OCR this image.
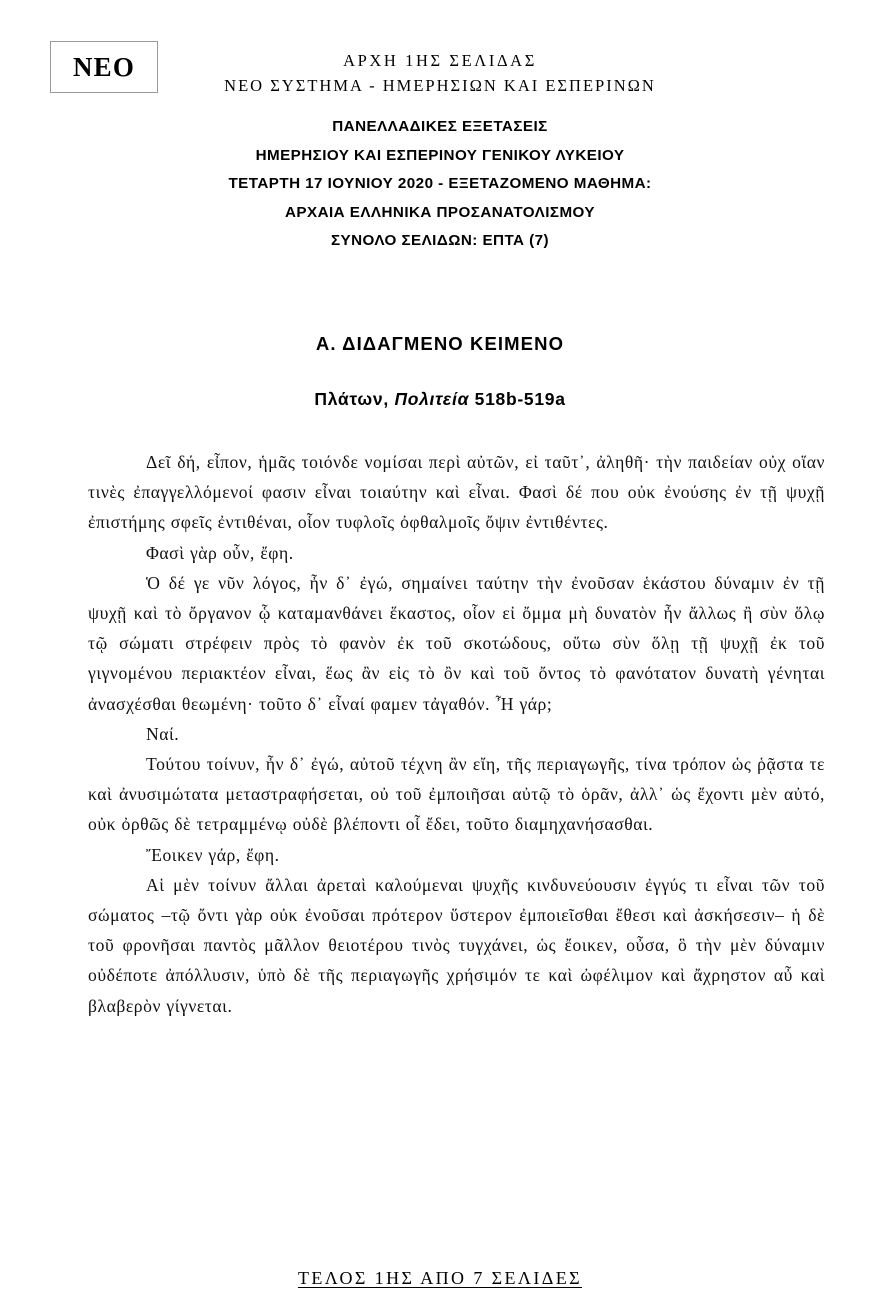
ΝΕΟ	ΑΡΧΗ 1ΗΣ ΣΕΛΙΔΑΣ
ΝΕΟ ΣΥΣΤΗΜΑ - ΗΜΕΡΗΣΙΩΝ ΚΑΙ ΕΣΠΕΡΙΝΩΝ
ΠΑΝΕΛΛΑΔΙΚΕΣ ΕΞΕΤΑΣΕΙΣ
ΗΜΕΡΗΣΙΟΥ ΚΑΙ ΕΣΠΕΡΙΝΟΥ ΓΕΝΙΚΟΥ ΛΥΚΕΙΟΥ
ΤΕΤΑΡΤΗ 17 ΙΟΥΝΙΟΥ 2020 - ΕΞΕΤΑΖΟΜΕΝΟ ΜΑΘΗΜΑ:
ΑΡΧΑΙΑ ΕΛΛΗΝΙΚΑ ΠΡΟΣΑΝΑΤΟΛΙΣΜΟΥ
ΣΥΝΟΛΟ ΣΕΛΙΔΩΝ: ΕΠΤΑ (7)
Α. ΔΙΔΑΓΜΕΝΟ ΚΕΙΜΕΝΟ
Πλάτων, Πολιτεία 518b-519a

Δεῖ δή, εἶπον, ἡμᾶς τοιόνδε νομίσαι περὶ αὐτῶν, εἰ ταῦτ᾽, ἀληθῆ· τὴν παιδείαν οὐχ οἵαν τινὲς ἐπαγγελλόμενοί φασιν εἶναι τοιαύτην καὶ εἶναι. Φασὶ δέ που οὐκ ἐνούσης ἐν τῇ ψυχῇ ἐπιστήμης σφεῖς ἐντιθέναι, οἷον τυφλοῖς ὀφθαλμοῖς ὄψιν ἐντιθέντες.

Φασὶ γὰρ οὖν, ἔφη.

Ὁ δέ γε νῦν λόγος, ἦν δ᾽ ἐγώ, σημαίνει ταύτην τὴν ἐνοῦσαν ἑκάστου δύναμιν ἐν τῇ ψυχῇ καὶ τὸ ὄργανον ᾧ καταμανθάνει ἕκαστος, οἷον εἰ ὄμμα μὴ δυνατὸν ἦν ἄλλως ἢ σὺν ὅλῳ τῷ σώματι στρέφειν πρὸς τὸ φανὸν ἐκ τοῦ σκοτώδους, οὕτω σὺν ὅλῃ τῇ ψυχῇ ἐκ τοῦ γιγνομένου περιακτέον εἶναι, ἕως ἂν εἰς τὸ ὂν καὶ τοῦ ὄντος τὸ φανότατον δυνατὴ γένηται ἀνασχέσθαι θεωμένη· τοῦτο δ᾽ εἶναί φαμεν τἀγαθόν. Ἦ γάρ;

Ναί.

Τούτου τοίνυν, ἦν δ᾽ ἐγώ, αὐτοῦ τέχνη ἂν εἴη, τῆς περιαγωγῆς, τίνα τρόπον ὡς ῥᾷστα τε καὶ ἀνυσιμώτατα μεταστραφήσεται, οὐ τοῦ ἐμποιῆσαι αὐτῷ τὸ ὁρᾶν, ἀλλ᾽ ὡς ἔχοντι μὲν αὐτό, οὐκ ὀρθῶς δὲ τετραμμένῳ οὐδὲ βλέποντι οἷ ἔδει, τοῦτο διαμηχανήσασθαι.

Ἔοικεν γάρ, ἔφη.

Αἱ μὲν τοίνυν ἄλλαι ἀρεταὶ καλούμεναι ψυχῆς κινδυνεύουσιν ἐγγύς τι εἶναι τῶν τοῦ σώματος –τῷ ὄντι γὰρ οὐκ ἐνοῦσαι πρότερον ὕστερον ἐμποιεῖσθαι ἔθεσι καὶ ἀσκήσεσιν– ἡ δὲ τοῦ φρονῆσαι παντὸς μᾶλλον θειοτέρου τινὸς τυγχάνει, ὡς ἔοικεν, οὖσα, ὃ τὴν μὲν δύναμιν οὐδέποτε ἀπόλλυσιν, ὑπὸ δὲ τῆς περιαγωγῆς χρήσιμόν τε καὶ ὠφέλιμον καὶ ἄχρηστον αὖ καὶ βλαβερὸν γίγνεται.

ΤΕΛΟΣ 1ΗΣ ΑΠΟ 7 ΣΕΛΙΔΕΣ
